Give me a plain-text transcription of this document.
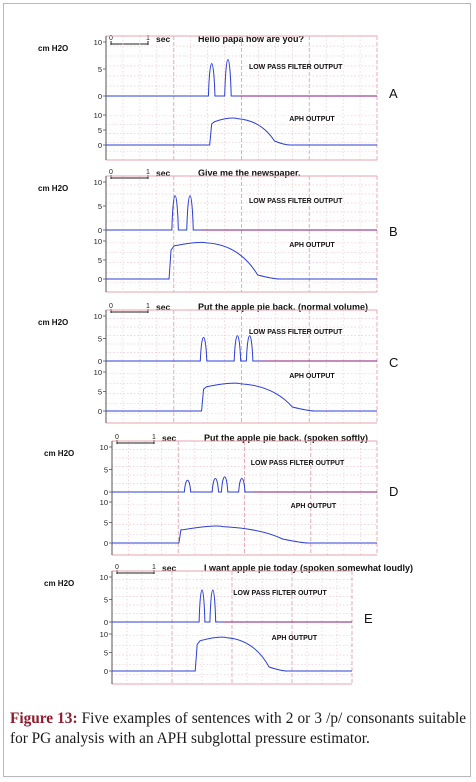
0	1 sec	Hello papa how are you?
cm H2O
10
5
0
10
5
0
LOW PASS FILTER OUTPUT
APH OUTPUT
A
0	1 sec	Give me the newspaper.
cm H2O
10
5
0
10
5
0
LOW PASS FILTER OUTPUT
APH OUTPUT
B
0	1 sec	Put the apple pie back. (normal volume)
cm H2O
10
5
0
10
5
0
LOW PASS FILTER OUTPUT
APH OUTPUT
C
0	1 sec	Put the apple pie back. (spoken softly)
cm H2O
10
5
0
10
5
0
LOW PASS FILTER OUTPUT
APH OUTPUT
D
0	1 sec	I want apple pie today (spoken somewhat loudly)
cm H2O
10
5
0
10
5
0
LOW PASS FILTER OUTPUT
APH OUTPUT
E
Figure 13: Five examples of sentences with 2 or 3 /p/ consonants suitable for PG analysis with an APH subglottal pressure estimator.
